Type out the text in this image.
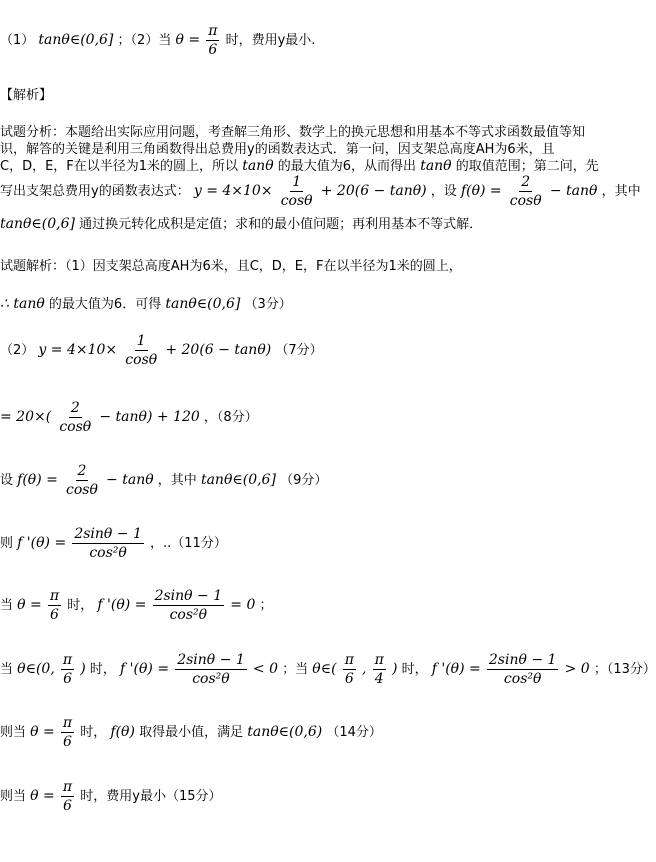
（1） tanθ∈(0,6] ；（2）当 $\theta = \frac{\pi}{6}$ 时，费用y最小.
【解析】
试题分析：本题给出实际应用问题，考查解三角形、数学上的换元思想和用基本不等式求函数最值等知
识，解答的关键是利用三角函数得出总费用y的函数表达式．第一问，因支架总高度AH为6米，且
C，D，E，F在以半径为1米的圆上，所以 tanθ 的最大值为6，从而得出 tanθ 的取值范围；第二问，先
写出支架总费用y的函数表达式： $y = 4\times 10\times \frac{1}{\cos\theta} + 20(6 - \tan\theta)$ ，设 $f(\theta) = \frac{2}{\cos\theta} - \tan\theta$ ，其中
tanθ∈(0,6] 通过换元转化成积是定值；求和的最小值问题；再利用基本不等式解．
试题解析：（1）因支架总高度AH为6米，且C，D，E，F在以半径为1米的圆上，
∴ tanθ 的最大值为6．可得 tanθ∈(0,6] （3分）
（2） $y = 4\times 10\times \frac{1}{\cos\theta} + 20(6 - \tan\theta)$ （7分）
= $20\times( \frac{2}{\cos\theta} - \tan\theta) + 120$ ，（8分）
设 $f(\theta) = \frac{2}{\cos\theta} - \tan\theta$ ，其中 tanθ∈(0,6] （9分）
则 f '$(\theta) = \frac{2\sin\theta - 1}{\text{cos²θ}}$ ，..（11分）
当 $\theta = \frac{\pi}{6}$ 时， f '$(\theta) = \frac{2\sin\theta - 1}{\text{cos²θ}} = 0$ ；
当 θ∈(0, $\frac{\pi}{6}$ ) 时， f '$(\theta) = \frac{2\sin\theta - 1}{\text{cos²θ}} < 0$ ；当 θ∈( $\frac{\pi}{6}$ , $\frac{\pi}{4}$ ) 时， f '$(\theta) = \frac{2\sin\theta - 1}{\text{cos²θ}} > 0$ ；（13分）
则当 $\theta = \frac{\pi}{6}$ 时， f(θ) 取得最小值，满足 tanθ∈(0,6) （14分）
则当 $\theta = \frac{\pi}{6}$ 时，费用y最小（15分）
